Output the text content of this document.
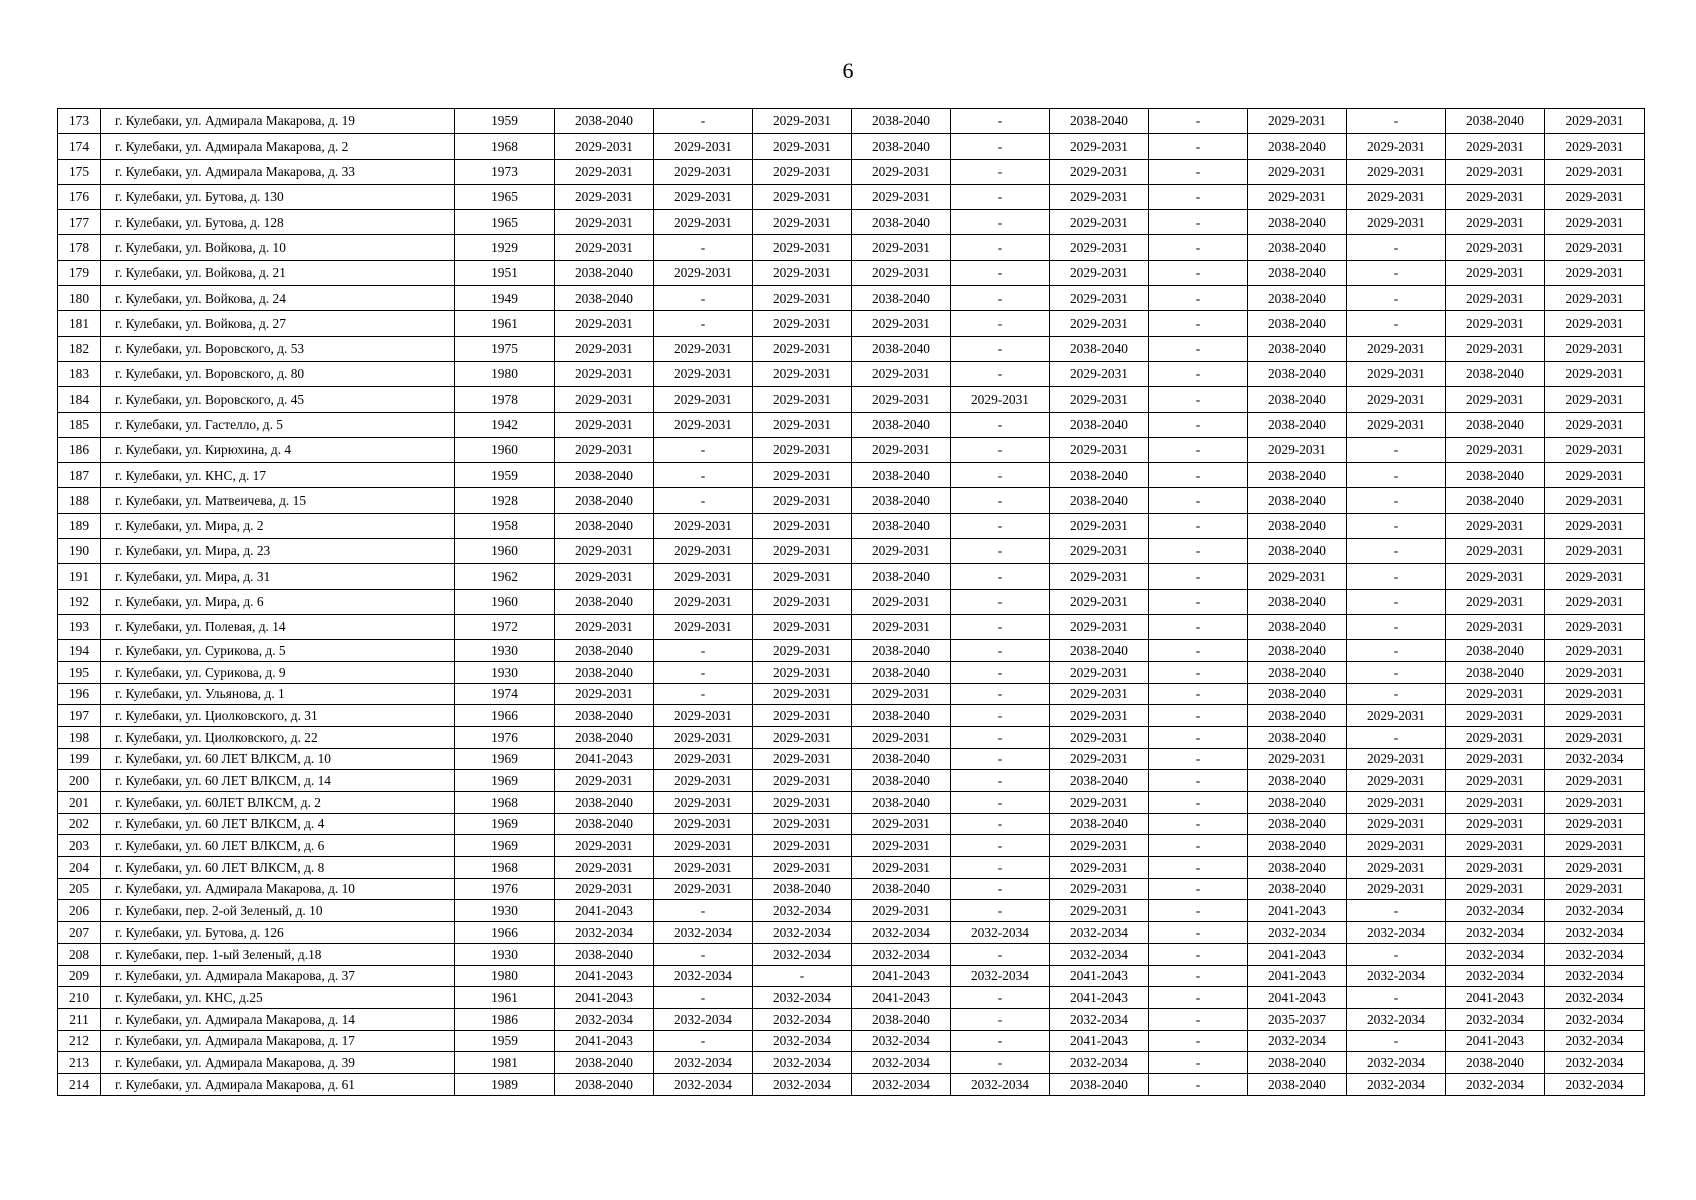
6
173	г. Кулебаки, ул. Адмирала Макарова, д. 19	1959	2038-2040	-	2029-2031	2038-2040	-	2038-2040	-	2029-2031	-	2038-2040	2029-2031
174	г. Кулебаки, ул. Адмирала Макарова, д. 2	1968	2029-2031	2029-2031	2029-2031	2038-2040	-	2029-2031	-	2038-2040	2029-2031	2029-2031	2029-2031
175	г. Кулебаки, ул. Адмирала Макарова, д. 33	1973	2029-2031	2029-2031	2029-2031	2029-2031	-	2029-2031	-	2029-2031	2029-2031	2029-2031	2029-2031
176	г. Кулебаки, ул. Бутова, д. 130	1965	2029-2031	2029-2031	2029-2031	2029-2031	-	2029-2031	-	2029-2031	2029-2031	2029-2031	2029-2031
177	г. Кулебаки, ул. Бутова, д. 128	1965	2029-2031	2029-2031	2029-2031	2038-2040	-	2029-2031	-	2038-2040	2029-2031	2029-2031	2029-2031
178	г. Кулебаки, ул. Войкова, д. 10	1929	2029-2031	-	2029-2031	2029-2031	-	2029-2031	-	2038-2040	-	2029-2031	2029-2031
179	г. Кулебаки, ул. Войкова, д. 21	1951	2038-2040	2029-2031	2029-2031	2029-2031	-	2029-2031	-	2038-2040	-	2029-2031	2029-2031
180	г. Кулебаки, ул. Войкова, д. 24	1949	2038-2040	-	2029-2031	2038-2040	-	2029-2031	-	2038-2040	-	2029-2031	2029-2031
181	г. Кулебаки, ул. Войкова, д. 27	1961	2029-2031	-	2029-2031	2029-2031	-	2029-2031	-	2038-2040	-	2029-2031	2029-2031
182	г. Кулебаки, ул. Воровского, д. 53	1975	2029-2031	2029-2031	2029-2031	2038-2040	-	2038-2040	-	2038-2040	2029-2031	2029-2031	2029-2031
183	г. Кулебаки, ул. Воровского, д. 80	1980	2029-2031	2029-2031	2029-2031	2029-2031	-	2029-2031	-	2038-2040	2029-2031	2038-2040	2029-2031
184	г. Кулебаки, ул. Воровского, д. 45	1978	2029-2031	2029-2031	2029-2031	2029-2031	2029-2031	2029-2031	-	2038-2040	2029-2031	2029-2031	2029-2031
185	г. Кулебаки, ул. Гастелло, д. 5	1942	2029-2031	2029-2031	2029-2031	2038-2040	-	2038-2040	-	2038-2040	2029-2031	2038-2040	2029-2031
186	г. Кулебаки, ул. Кирюхина, д. 4	1960	2029-2031	-	2029-2031	2029-2031	-	2029-2031	-	2029-2031	-	2029-2031	2029-2031
187	г. Кулебаки, ул. КНС, д. 17	1959	2038-2040	-	2029-2031	2038-2040	-	2038-2040	-	2038-2040	-	2038-2040	2029-2031
188	г. Кулебаки, ул. Матвеичева, д. 15	1928	2038-2040	-	2029-2031	2038-2040	-	2038-2040	-	2038-2040	-	2038-2040	2029-2031
189	г. Кулебаки, ул. Мира, д. 2	1958	2038-2040	2029-2031	2029-2031	2038-2040	-	2029-2031	-	2038-2040	-	2029-2031	2029-2031
190	г. Кулебаки, ул. Мира, д. 23	1960	2029-2031	2029-2031	2029-2031	2029-2031	-	2029-2031	-	2038-2040	-	2029-2031	2029-2031
191	г. Кулебаки, ул. Мира, д. 31	1962	2029-2031	2029-2031	2029-2031	2038-2040	-	2029-2031	-	2029-2031	-	2029-2031	2029-2031
192	г. Кулебаки, ул. Мира, д. 6	1960	2038-2040	2029-2031	2029-2031	2029-2031	-	2029-2031	-	2038-2040	-	2029-2031	2029-2031
193	г. Кулебаки, ул. Полевая, д. 14	1972	2029-2031	2029-2031	2029-2031	2029-2031	-	2029-2031	-	2038-2040	-	2029-2031	2029-2031
194	г. Кулебаки, ул. Сурикова, д. 5	1930	2038-2040	-	2029-2031	2038-2040	-	2038-2040	-	2038-2040	-	2038-2040	2029-2031
195	г. Кулебаки, ул. Сурикова, д. 9	1930	2038-2040	-	2029-2031	2038-2040	-	2029-2031	-	2038-2040	-	2038-2040	2029-2031
196	г. Кулебаки, ул. Ульянова, д. 1	1974	2029-2031	-	2029-2031	2029-2031	-	2029-2031	-	2038-2040	-	2029-2031	2029-2031
197	г. Кулебаки, ул. Циолковского, д. 31	1966	2038-2040	2029-2031	2029-2031	2038-2040	-	2029-2031	-	2038-2040	2029-2031	2029-2031	2029-2031
198	г. Кулебаки, ул. Циолковского, д. 22	1976	2038-2040	2029-2031	2029-2031	2029-2031	-	2029-2031	-	2038-2040	-	2029-2031	2029-2031
199	г. Кулебаки, ул. 60 ЛЕТ ВЛКСМ, д. 10	1969	2041-2043	2029-2031	2029-2031	2038-2040	-	2029-2031	-	2029-2031	2029-2031	2029-2031	2032-2034
200	г. Кулебаки, ул. 60 ЛЕТ ВЛКСМ, д. 14	1969	2029-2031	2029-2031	2029-2031	2038-2040	-	2038-2040	-	2038-2040	2029-2031	2029-2031	2029-2031
201	г. Кулебаки, ул. 60ЛЕТ ВЛКСМ, д. 2	1968	2038-2040	2029-2031	2029-2031	2038-2040	-	2029-2031	-	2038-2040	2029-2031	2029-2031	2029-2031
202	г. Кулебаки, ул. 60 ЛЕТ ВЛКСМ, д. 4	1969	2038-2040	2029-2031	2029-2031	2029-2031	-	2038-2040	-	2038-2040	2029-2031	2029-2031	2029-2031
203	г. Кулебаки, ул. 60 ЛЕТ ВЛКСМ, д. 6	1969	2029-2031	2029-2031	2029-2031	2029-2031	-	2029-2031	-	2038-2040	2029-2031	2029-2031	2029-2031
204	г. Кулебаки, ул. 60 ЛЕТ ВЛКСМ, д. 8	1968	2029-2031	2029-2031	2029-2031	2029-2031	-	2029-2031	-	2038-2040	2029-2031	2029-2031	2029-2031
205	г. Кулебаки, ул. Адмирала Макарова, д. 10	1976	2029-2031	2029-2031	2038-2040	2038-2040	-	2029-2031	-	2038-2040	2029-2031	2029-2031	2029-2031
206	г. Кулебаки, пер. 2-ой Зеленый, д. 10	1930	2041-2043	-	2032-2034	2029-2031	-	2029-2031	-	2041-2043	-	2032-2034	2032-2034
207	г. Кулебаки, ул. Бутова, д. 126	1966	2032-2034	2032-2034	2032-2034	2032-2034	2032-2034	2032-2034	-	2032-2034	2032-2034	2032-2034	2032-2034
208	г. Кулебаки, пер. 1-ый Зеленый, д.18	1930	2038-2040	-	2032-2034	2032-2034	-	2032-2034	-	2041-2043	-	2032-2034	2032-2034
209	г. Кулебаки, ул. Адмирала Макарова, д. 37	1980	2041-2043	2032-2034	-	2041-2043	2032-2034	2041-2043	-	2041-2043	2032-2034	2032-2034	2032-2034
210	г. Кулебаки, ул. КНС, д.25	1961	2041-2043	-	2032-2034	2041-2043	-	2041-2043	-	2041-2043	-	2041-2043	2032-2034
211	г. Кулебаки, ул. Адмирала Макарова, д. 14	1986	2032-2034	2032-2034	2032-2034	2038-2040	-	2032-2034	-	2035-2037	2032-2034	2032-2034	2032-2034
212	г. Кулебаки, ул. Адмирала Макарова, д. 17	1959	2041-2043	-	2032-2034	2032-2034	-	2041-2043	-	2032-2034	-	2041-2043	2032-2034
213	г. Кулебаки, ул. Адмирала Макарова, д. 39	1981	2038-2040	2032-2034	2032-2034	2032-2034	-	2032-2034	-	2038-2040	2032-2034	2038-2040	2032-2034
214	г. Кулебаки, ул. Адмирала Макарова, д. 61	1989	2038-2040	2032-2034	2032-2034	2032-2034	2032-2034	2038-2040	-	2038-2040	2032-2034	2032-2034	2032-2034
